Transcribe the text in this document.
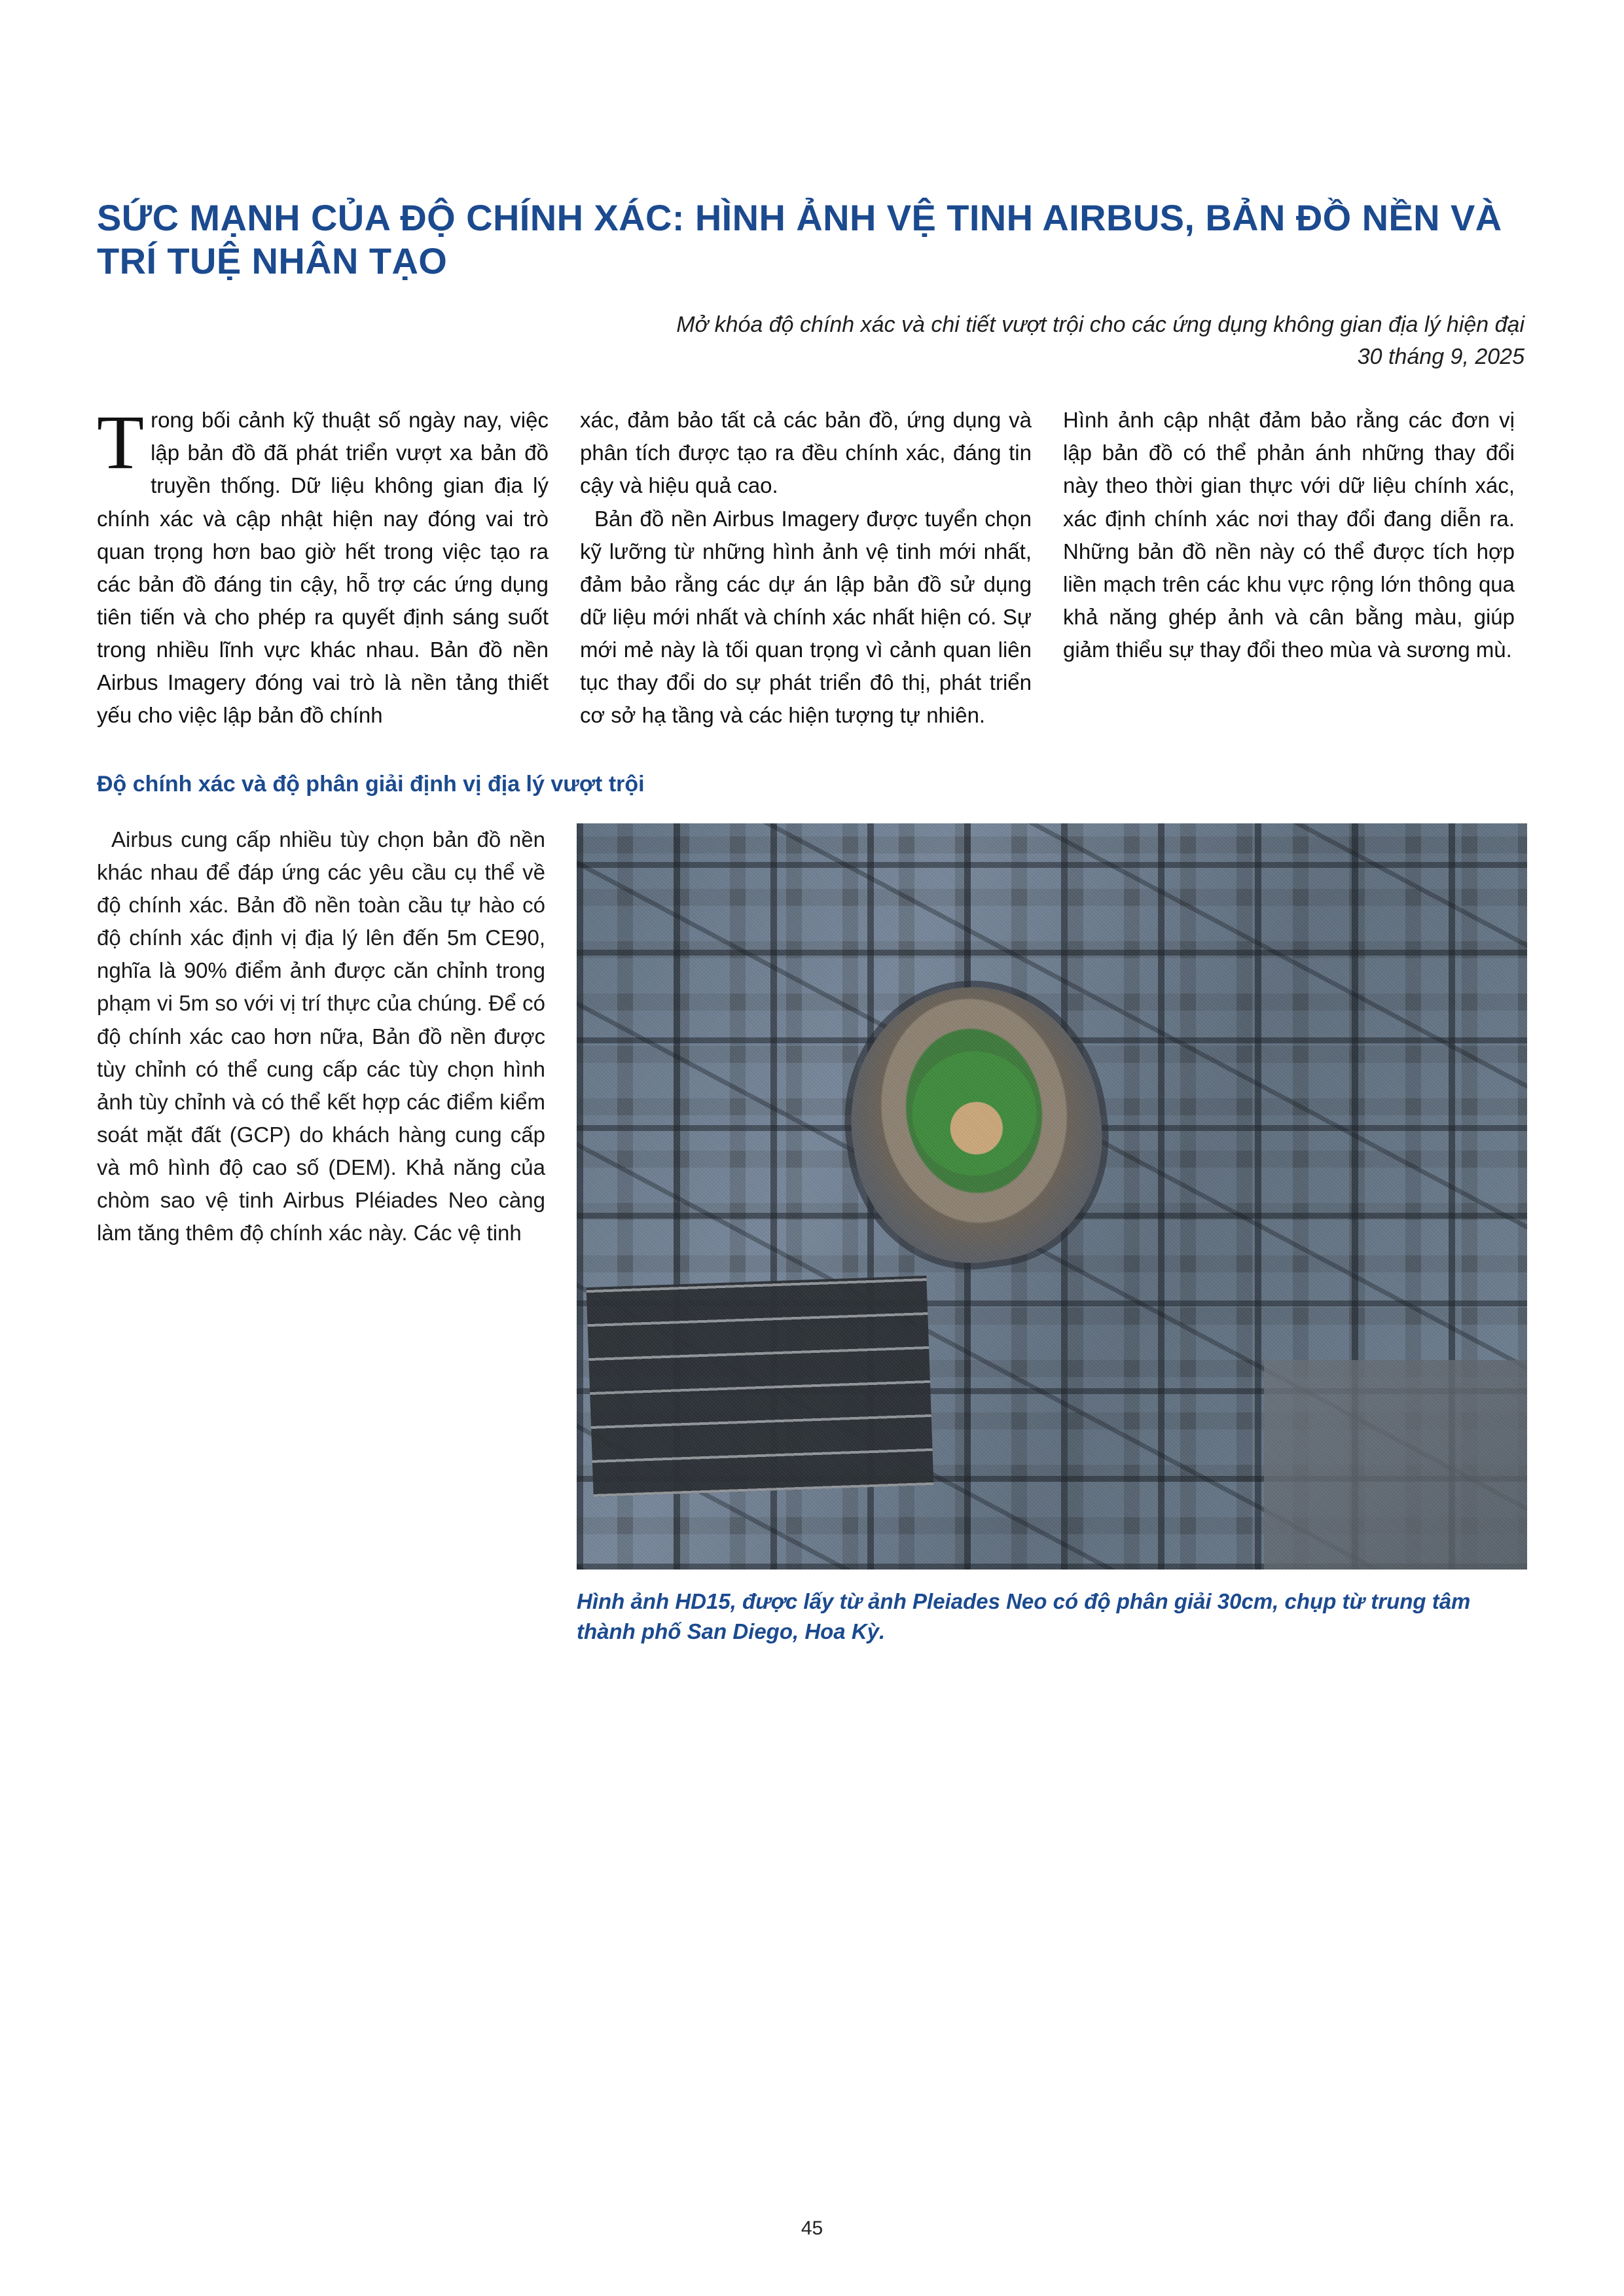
SỨC MẠNH CỦA ĐỘ CHÍNH XÁC: HÌNH ẢNH VỆ TINH AIRBUS, BẢN ĐỒ NỀN VÀ TRÍ TUỆ NHÂN TẠO

Mở khóa độ chính xác và chi tiết vượt trội cho các ứng dụng không gian địa lý hiện đại

30 tháng 9, 2025

Trong bối cảnh kỹ thuật số ngày nay, việc lập bản đồ đã phát triển vượt xa bản đồ truyền thống. Dữ liệu không gian địa lý chính xác và cập nhật hiện nay đóng vai trò quan trọng hơn bao giờ hết trong việc tạo ra các bản đồ đáng tin cậy, hỗ trợ các ứng dụng tiên tiến và cho phép ra quyết định sáng suốt trong nhiều lĩnh vực khác nhau. Bản đồ nền Airbus Imagery đóng vai trò là nền tảng thiết yếu cho việc lập bản đồ chính

xác, đảm bảo tất cả các bản đồ, ứng dụng và phân tích được tạo ra đều chính xác, đáng tin cậy và hiệu quả cao.

Bản đồ nền Airbus Imagery được tuyển chọn kỹ lưỡng từ những hình ảnh vệ tinh mới nhất, đảm bảo rằng các dự án lập bản đồ sử dụng dữ liệu mới nhất và chính xác nhất hiện có. Sự mới mẻ này là tối quan trọng vì cảnh quan liên tục thay đổi do sự phát triển đô thị, phát triển cơ sở hạ tầng và các hiện tượng tự nhiên.

Hình ảnh cập nhật đảm bảo rằng các đơn vị lập bản đồ có thể phản ánh những thay đổi này theo thời gian thực với dữ liệu chính xác, xác định chính xác nơi thay đổi đang diễn ra. Những bản đồ nền này có thể được tích hợp liền mạch trên các khu vực rộng lớn thông qua khả năng ghép ảnh và cân bằng màu, giúp giảm thiểu sự thay đổi theo mùa và sương mù.

Độ chính xác và độ phân giải định vị địa lý vượt trội

Airbus cung cấp nhiều tùy chọn bản đồ nền khác nhau để đáp ứng các yêu cầu cụ thể về độ chính xác. Bản đồ nền toàn cầu tự hào có độ chính xác định vị địa lý lên đến 5m CE90, nghĩa là 90% điểm ảnh được căn chỉnh trong phạm vi 5m so với vị trí thực của chúng. Để có độ chính xác cao hơn nữa, Bản đồ nền được tùy chỉnh có thể cung cấp các tùy chọn hình ảnh tùy chỉnh và có thể kết hợp các điểm kiểm soát mặt đất (GCP) do khách hàng cung cấp và mô hình độ cao số (DEM). Khả năng của chòm sao vệ tinh Airbus Pléiades Neo càng làm tăng thêm độ chính xác này. Các vệ tinh

Hình ảnh HD15, được lấy từ ảnh Pleiades Neo có độ phân giải 30cm, chụp từ trung tâm thành phố San Diego, Hoa Kỳ.
45
